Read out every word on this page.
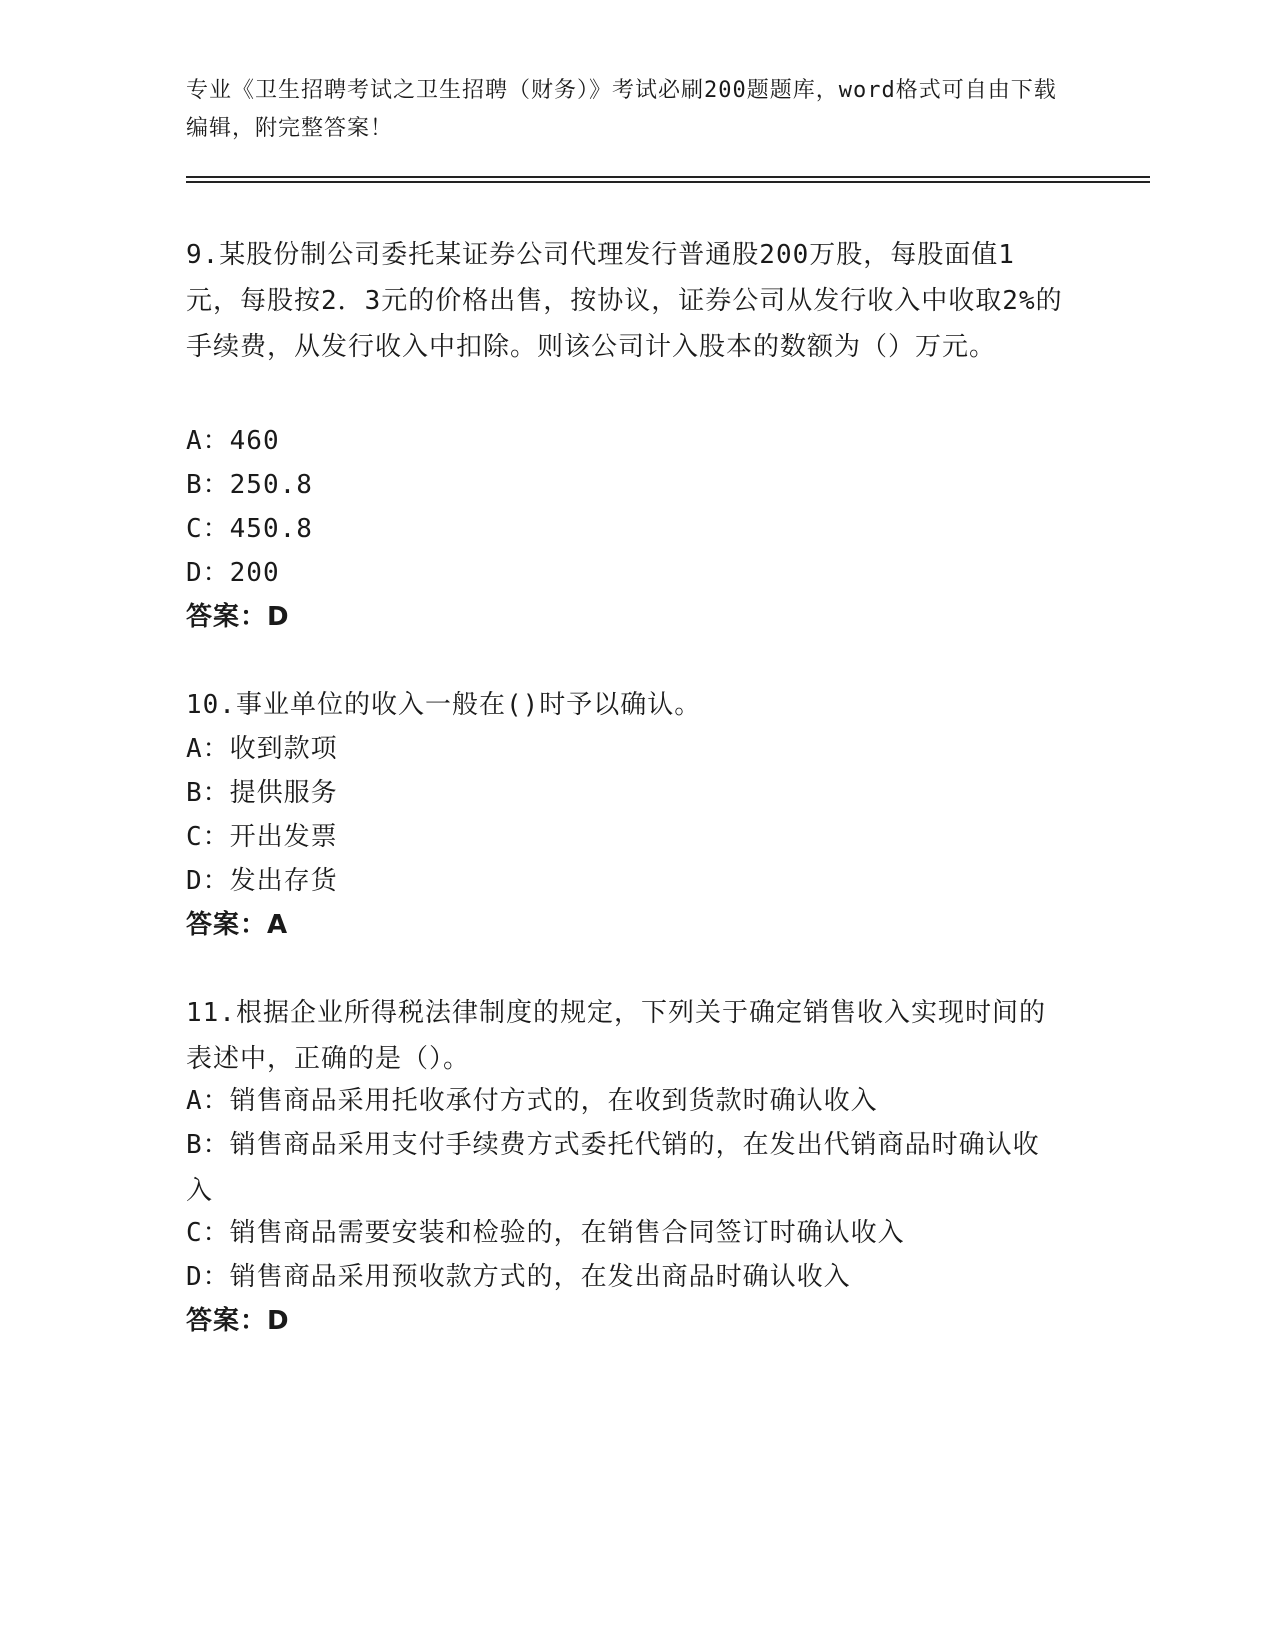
专业《卫生招聘考试之卫生招聘（财务）》考试必刷200题题库，word格式可自由下载编辑，附完整答案！
9.某股份制公司委托某证券公司代理发行普通股200万股，每股面值1元，每股按2．3元的价格出售，按协议，证券公司从发行收入中收取2%的手续费，从发行收入中扣除。则该公司计入股本的数额为（）万元。
A：460
B：250.8
C：450.8
D：200
答案：D
10.事业单位的收入一般在()时予以确认。
A：收到款项
B：提供服务
C：开出发票
D：发出存货
答案：A
11.根据企业所得税法律制度的规定，下列关于确定销售收入实现时间的表述中，正确的是（）。
A：销售商品采用托收承付方式的，在收到货款时确认收入
B：销售商品采用支付手续费方式委托代销的，在发出代销商品时确认收入
C：销售商品需要安装和检验的，在销售合同签订时确认收入
D：销售商品采用预收款方式的，在发出商品时确认收入
答案：D
